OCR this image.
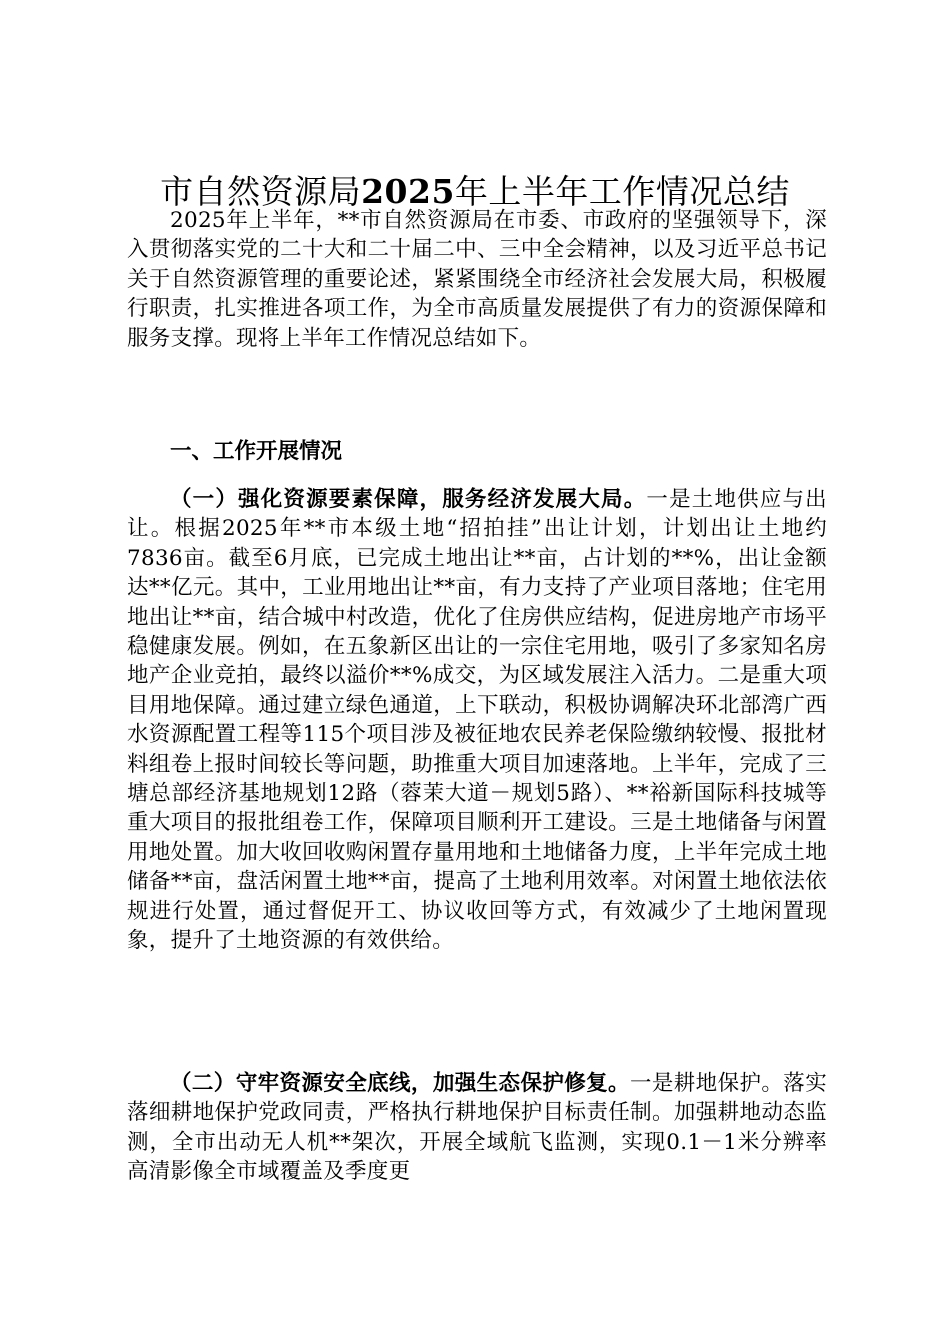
市自然资源局2025年上半年工作情况总结

2025年上半年，**市自然资源局在市委、市政府的坚强领导下，深入贯彻落实党的二十大和二十届二中、三中全会精神，以及习近平总书记关于自然资源管理的重要论述，紧紧围绕全市经济社会发展大局，积极履行职责，扎实推进各项工作，为全市高质量发展提供了有力的资源保障和服务支撑。现将上半年工作情况总结如下。

一、工作开展情况

（一）强化资源要素保障，服务经济发展大局。一是土地供应与出让。根据2025年**市本级土地“招拍挂”出让计划，计划出让土地约7836亩。截至6月底，已完成土地出让**亩，占计划的**%，出让金额达**亿元。其中，工业用地出让**亩，有力支持了产业项目落地；住宅用地出让**亩，结合城中村改造，优化了住房供应结构，促进房地产市场平稳健康发展。例如，在五象新区出让的一宗住宅用地，吸引了多家知名房地产企业竞拍，最终以溢价**%成交，为区域发展注入活力。二是重大项目用地保障。通过建立绿色通道，上下联动，积极协调解决环北部湾广西水资源配置工程等115个项目涉及被征地农民养老保险缴纳较慢、报批材料组卷上报时间较长等问题，助推重大项目加速落地。上半年，完成了三塘总部经济基地规划12路（蓉茉大道－规划5路）、**裕新国际科技城等重大项目的报批组卷工作，保障项目顺利开工建设。三是土地储备与闲置用地处置。加大收回收购闲置存量用地和土地储备力度，上半年完成土地储备**亩，盘活闲置土地**亩，提高了土地利用效率。对闲置土地依法依规进行处置，通过督促开工、协议收回等方式，有效减少了土地闲置现象，提升了土地资源的有效供给。

（二）守牢资源安全底线，加强生态保护修复。一是耕地保护。落实落细耕地保护党政同责，严格执行耕地保护目标责任制。加强耕地动态监测，全市出动无人机**架次，开展全域航飞监测，实现0.1－1米分辨率高清影像全市域覆盖及季度更
